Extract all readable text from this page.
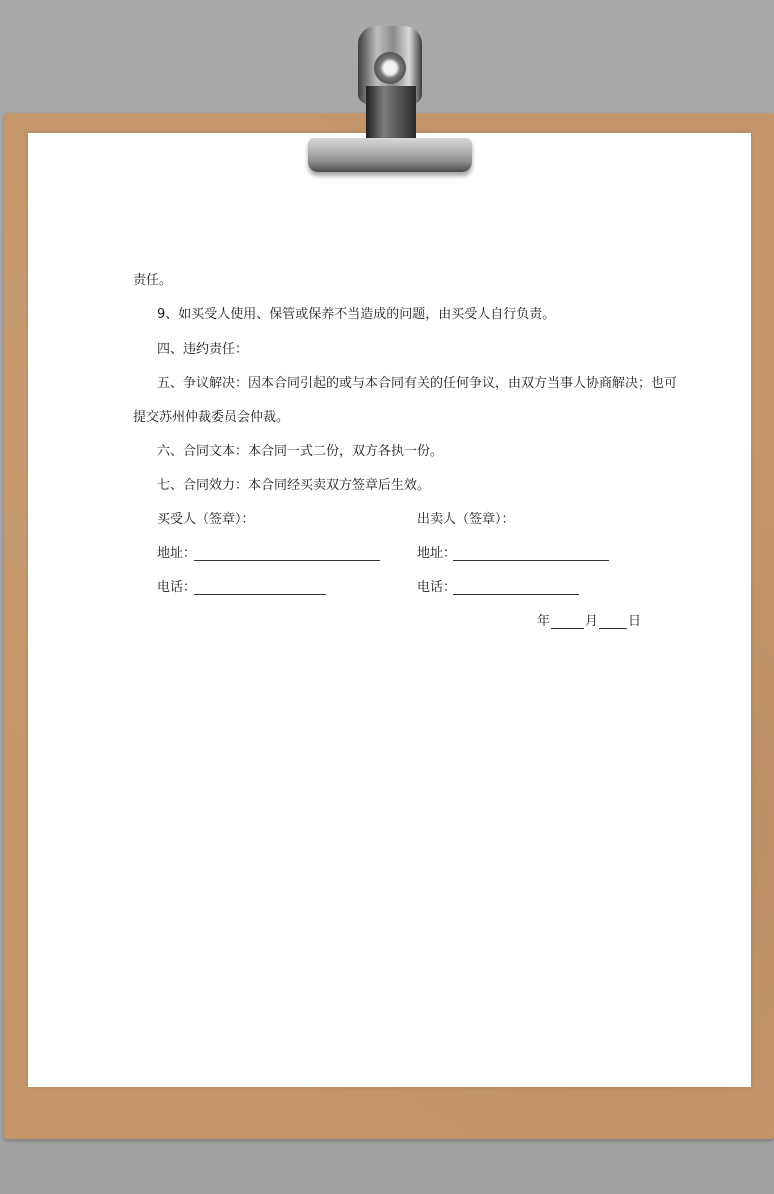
责任。
9、如买受人使用、保管或保养不当造成的问题，由买受人自行负责。
四、违约责任：
五、争议解决：因本合同引起的或与本合同有关的任何争议，由双方当事人协商解决；也可
提交苏州仲裁委员会仲裁。
六、合同文本：本合同一式二份，双方各执一份。
七、合同效力：本合同经买卖双方签章后生效。
买受人（签章）：	出卖人（签章）：
地址：	地址：
电话：	电话：
年	月 日
